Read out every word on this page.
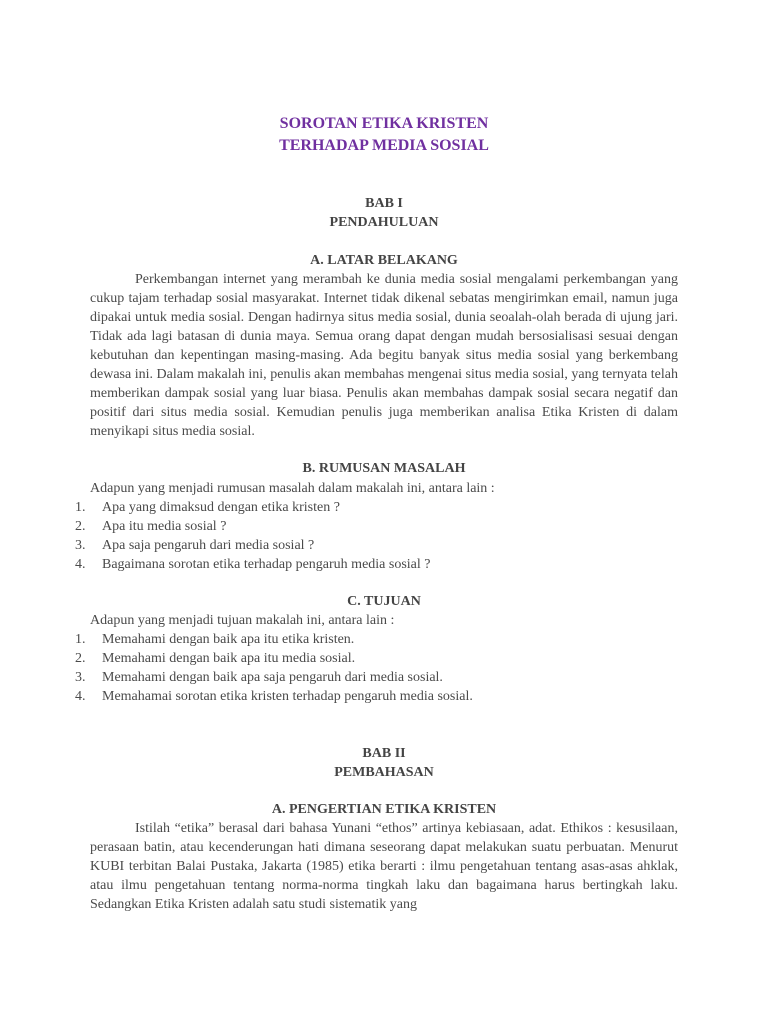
SOROTAN ETIKA KRISTEN

TERHADAP MEDIA SOSIAL

BAB I

PENDAHULUAN

A. LATAR BELAKANG

Perkembangan internet yang merambah ke dunia media sosial mengalami perkembangan yang cukup tajam terhadap sosial masyarakat. Internet tidak dikenal sebatas mengirimkan email, namun juga dipakai untuk media sosial. Dengan hadirnya situs media sosial, dunia seoalah-olah berada di ujung jari. Tidak ada lagi batasan di dunia maya. Semua orang dapat dengan mudah bersosialisasi sesuai dengan kebutuhan dan kepentingan masing-masing. Ada begitu banyak situs media sosial yang berkembang dewasa ini. Dalam makalah ini, penulis akan membahas mengenai situs media sosial, yang ternyata telah memberikan dampak sosial yang luar biasa. Penulis akan membahas dampak sosial secara negatif dan positif dari situs media sosial. Kemudian penulis juga memberikan analisa Etika Kristen di dalam menyikapi situs media sosial.

B. RUMUSAN MASALAH

Adapun yang menjadi rumusan masalah dalam makalah ini, antara lain :

1.	Apa yang dimaksud dengan etika kristen ?
2.	Apa itu media sosial ?
3.	Apa saja pengaruh dari media sosial ?
4.	Bagaimana sorotan etika terhadap pengaruh media sosial ?

C. TUJUAN

Adapun yang menjadi tujuan makalah ini, antara lain :

1.	Memahami dengan baik apa itu etika kristen.
2.	Memahami dengan baik apa itu media sosial.
3.	Memahami dengan baik apa saja pengaruh dari media sosial.
4.	Memahamai sorotan etika kristen terhadap pengaruh media sosial.

BAB II

PEMBAHASAN

A. PENGERTIAN ETIKA KRISTEN

Istilah “etika” berasal dari bahasa Yunani “ethos” artinya kebiasaan, adat. Ethikos : kesusilaan, perasaan batin, atau kecenderungan hati dimana seseorang dapat melakukan suatu perbuatan. Menurut KUBI terbitan Balai Pustaka, Jakarta (1985) etika berarti : ilmu pengetahuan tentang asas-asas ahklak, atau ilmu pengetahuan tentang norma-norma tingkah laku dan bagaimana harus bertingkah laku. Sedangkan Etika Kristen adalah satu studi sistematik yang
